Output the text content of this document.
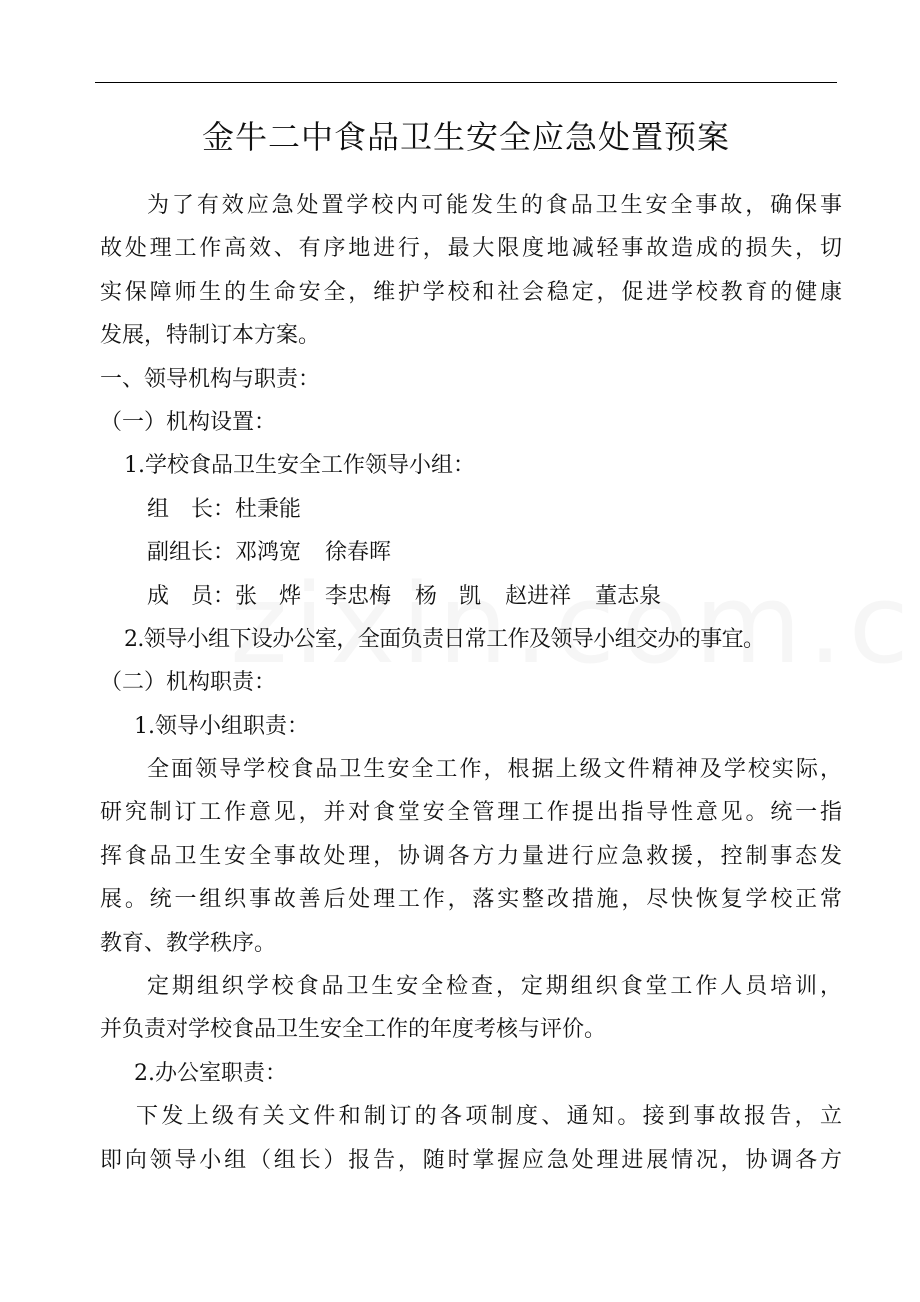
金牛二中食品卫生安全应急处置预案
为了有效应急处置学校内可能发生的食品卫生安全事故，确保事
故处理工作高效、有序地进行，最大限度地减轻事故造成的损失，切
实保障师生的生命安全，维护学校和社会稳定，促进学校教育的健康
发展，特制订本方案。
一、领导机构与职责：
（一）机构设置：
1.学校食品卫生安全工作领导小组：
组　长：杜秉能
副组长：邓鸿宽 徐春晖
成　员：张　烨 李忠梅 杨　凯 赵进祥 董志泉
2.领导小组下设办公室，全面负责日常工作及领导小组交办的事宜。
（二）机构职责：
1.领导小组职责：
全面领导学校食品卫生安全工作，根据上级文件精神及学校实际，
研究制订工作意见，并对食堂安全管理工作提出指导性意见。统一指
挥食品卫生安全事故处理，协调各方力量进行应急救援，控制事态发
展。统一组织事故善后处理工作，落实整改措施，尽快恢复学校正常
教育、教学秩序。
定期组织学校食品卫生安全检查，定期组织食堂工作人员培训，
并负责对学校食品卫生安全工作的年度考核与评价。
2.办公室职责：
下发上级有关文件和制订的各项制度、通知。接到事故报告，立
即向领导小组（组长）报告，随时掌握应急处理进展情况，协调各方
